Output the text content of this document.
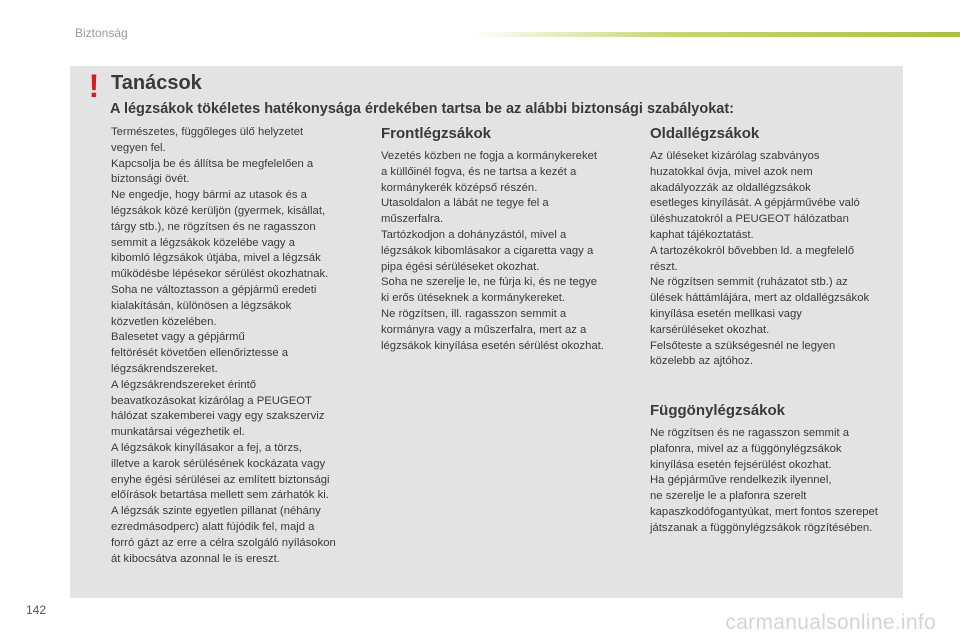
Biztonság
! Tanácsok
A légzsákok tökéletes hatékonysága érdekében tartsa be az alábbi biztonsági szabályokat:

Természetes, függőleges ülő helyzetet

vegyen fel.

Kapcsolja be és állítsa be megfelelően a

biztonsági övét.

Ne engedje, hogy bármi az utasok és a

légzsákok közé kerüljön (gyermek, kisállat,

tárgy stb.), ne rögzítsen és ne ragasszon

semmit a légzsákok közelébe vagy a

kibomló légzsákok útjába, mivel a légzsák

működésbe lépésekor sérülést okozhatnak.

Soha ne változtasson a gépjármű eredeti

kialakításán, különösen a légzsákok

közvetlen közelében.

Balesetet vagy a gépjármű

feltörését követően ellenőriztesse a

légzsákrendszereket.

A légzsákrendszereket érintő

beavatkozásokat kizárólag a PEUGEOT

hálózat szakemberei vagy egy szakszerviz

munkatársai végezhetik el.

A légzsákok kinyílásakor a fej, a törzs,

illetve a karok sérülésének kockázata vagy

enyhe égési sérülései az említett biztonsági

előírások betartása mellett sem zárhatók ki.

A légzsák szinte egyetlen pillanat (néhány

ezredmásodperc) alatt fújódik fel, majd a

forró gázt az erre a célra szolgáló nyílásokon

át kibocsátva azonnal le is ereszt.

Frontlégzsákok

Vezetés közben ne fogja a kormánykereket

a küllőinél fogva, és ne tartsa a kezét a

kormánykerék középső részén.

Utasoldalon a lábát ne tegye fel a

műszerfalra.

Tartózkodjon a dohányzástól, mivel a

légzsákok kibomlásakor a cigaretta vagy a

pipa égési sérüléseket okozhat.

Soha ne szerelje le, ne fúrja ki, és ne tegye

ki erős ütéseknek a kormánykereket.

Ne rögzítsen, ill. ragasszon semmit a

kormányra vagy a műszerfalra, mert az a

légzsákok kinyílása esetén sérülést okozhat.

Oldallégzsákok

Az üléseket kizárólag szabványos

huzatokkal óvja, mivel azok nem

akadályozzák az oldallégzsákok

esetleges kinyílását. A gépjárművébe való

üléshuzatokról a PEUGEOT hálózatban

kaphat tájékoztatást.

A tartozékokról bővebben ld. a megfelelő

részt.

Ne rögzítsen semmit (ruházatot stb.) az

ülések háttámlájára, mert az oldallégzsákok

kinyílása esetén mellkasi vagy

karsérüléseket okozhat.

Felsőteste a szükségesnél ne legyen

közelebb az ajtóhoz.

Függönylégzsákok

Ne rögzítsen és ne ragasszon semmit a

plafonra, mivel az a függönylégzsákok

kinyílása esetén fejsérülést okozhat.

Ha gépjárműve rendelkezik ilyennel,

ne szerelje le a plafonra szerelt

kapaszkodófogantyúkat, mert fontos szerepet

játszanak a függönylégzsákok rögzítésében.

142
carmanualsonline.info
